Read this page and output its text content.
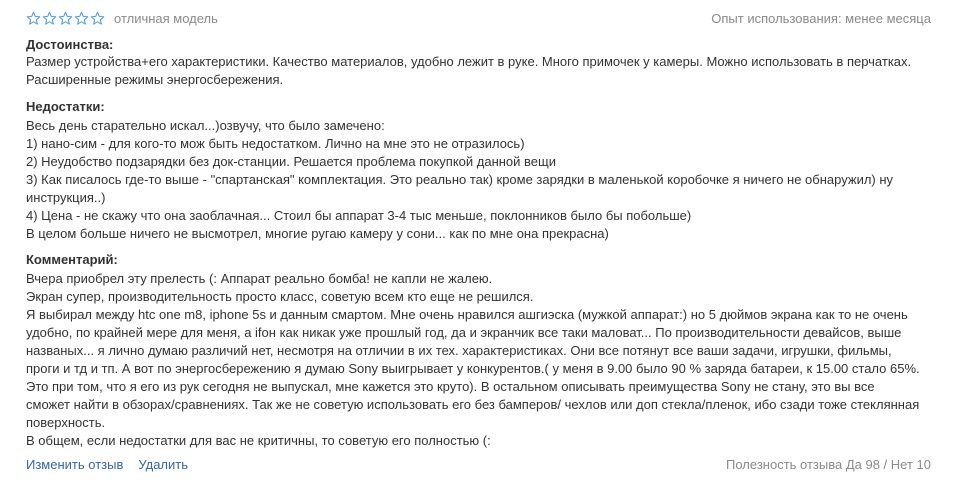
отличная модель	Опыт использования: менее месяца

Достоинства:

Размер устройства+его характеристики. Качество материалов, удобно лежит в руке. Много примочек у камеры. Можно использовать в перчатках.
Расширенные режимы энергосбережения.

Недостатки:

Весь день старательно искал...)озвучу, что было замечено:
1) нано-сим - для кого-то мож быть недостатком. Лично на мне это не отразилось)
2) Неудобство подзарядки без док-станции. Решается проблема покупкой данной вещи
3) Как писалось где-то выше - "спартанская" комплектация. Это реально так) кроме зарядки в маленькой коробочке я ничего не обнаружил) ну
инструкция..)
4) Цена - не скажу что она заоблачная... Стоил бы аппарат 3-4 тыс меньше, поклонников было бы побольше)
В целом больше ничего не высмотрел, многие ругаю камеру у сони... как по мне она прекрасна)

Комментарий:

Вчера приобрел эту прелесть (: Аппарат реально бомба! не капли не жалею.
Экран супер, производительность просто класс, советую всем кто еще не решился.
Я выбирал между htc one m8, iphone 5s и данным смартом. Мне очень нравился ашгиэска (мужкой аппарат:) но 5 дюймов экрана как то не очень
удобно, по крайней мере для меня, а ifон как никак уже прошлый год, да и экранчик все таки маловат... По производительности девайсов, выше
названых... я лично думаю различий нет, несмотря на отличии в их тех. характеристиках. Они все потянут все ваши задачи, игрушки, фильмы,
проги и тд и тп. А вот по энергосбережению я думаю Sony выигрывает у конкурентов.( у меня в 9.00 было 90 % заряда батареи, к 15.00 стало 65%.
Это при том, что я его из рук сегодня не выпускал, мне кажется это круто). В остальном описывать преимущества Sony не стану, это вы все
сможет найти в обзорах/сравнениях. Так же не советую использовать его без бамперов/ чехлов или доп стекла/пленок, ибо сзади тоже стеклянная
поверхность.
В общем, если недостатки для вас не критичны, то советую его полностью (:
Изменить отзыв Удалить	Полезность отзыва Да 98 / Нет 10
